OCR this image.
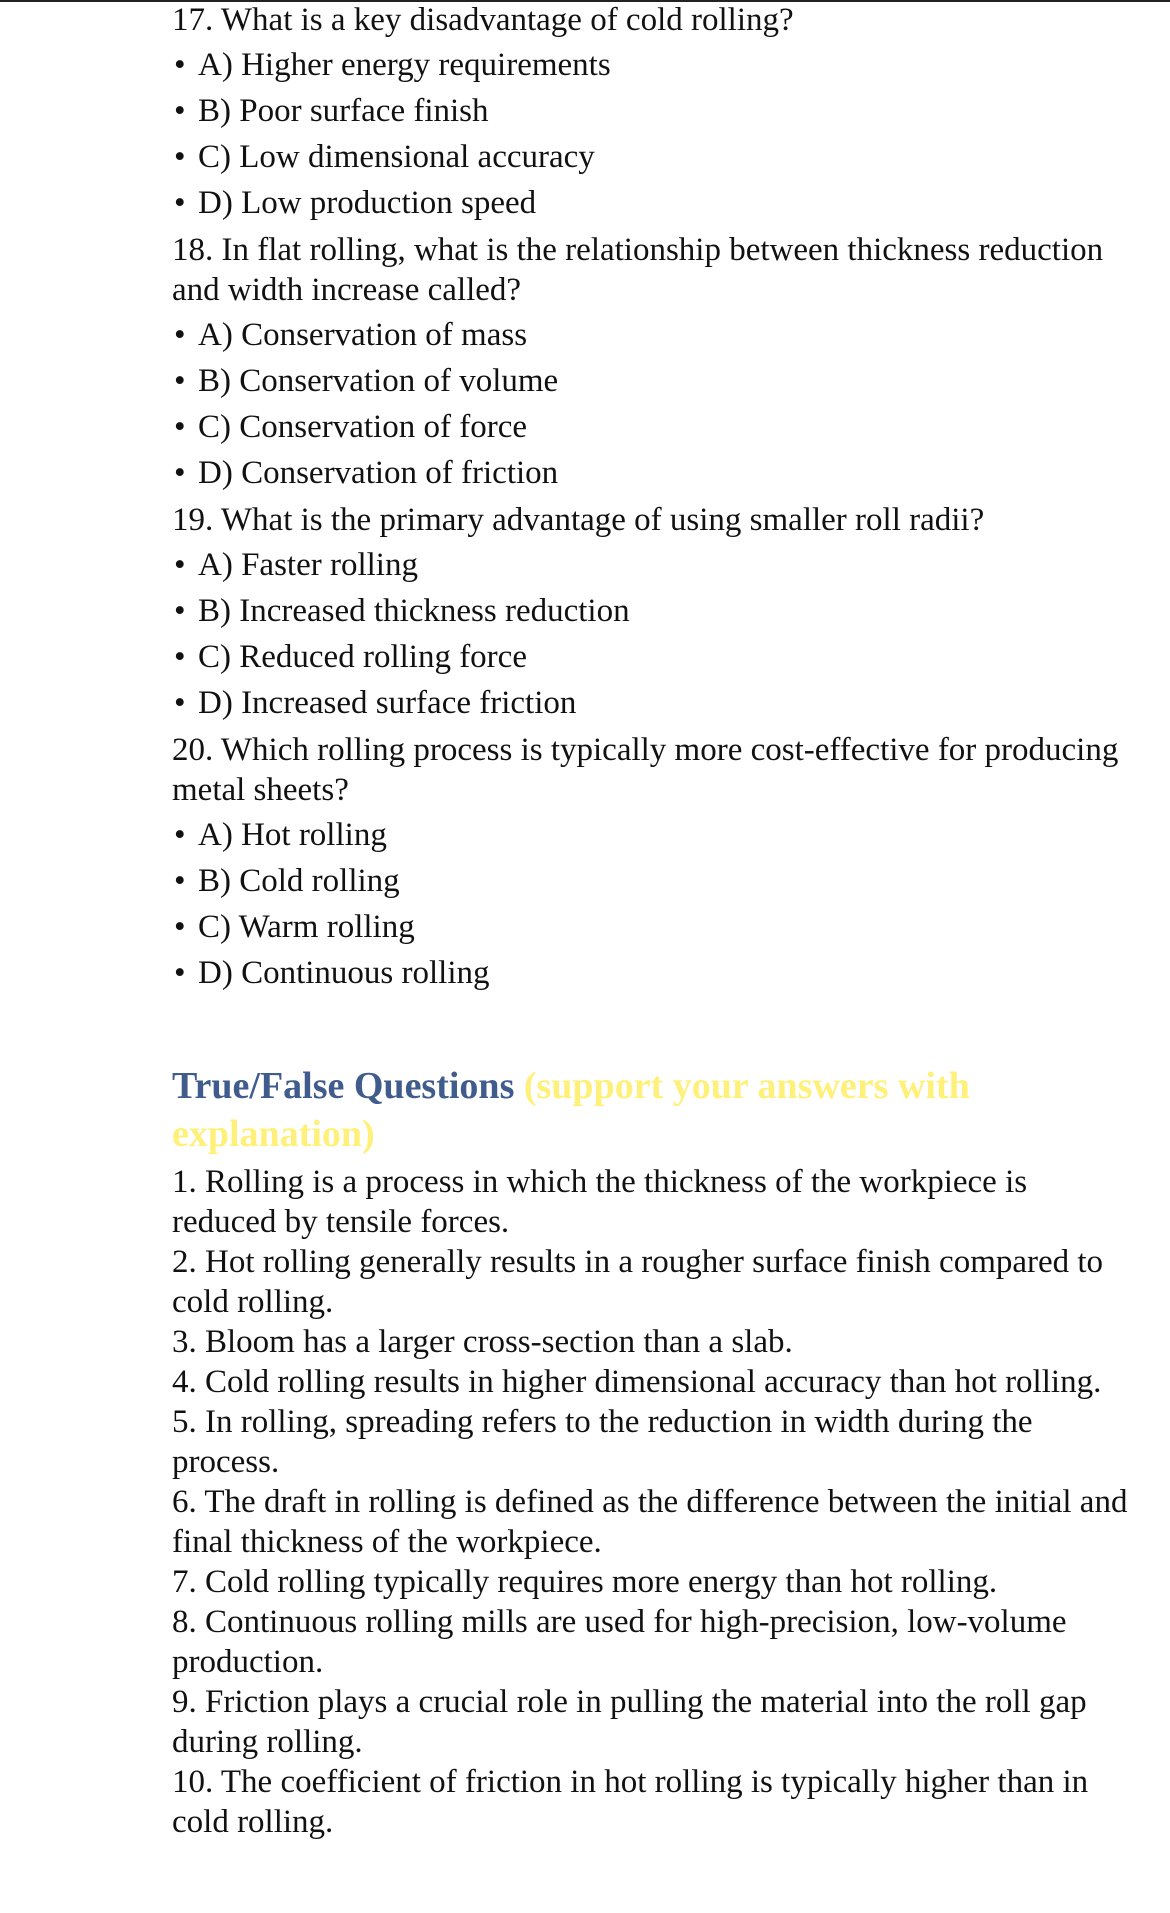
17. What is a key disadvantage of cold rolling?

• A) Higher energy requirements
• B) Poor surface finish
• C) Low dimensional accuracy
• D) Low production speed

18. In flat rolling, what is the relationship between thickness reduction and width increase called?

• A) Conservation of mass
• B) Conservation of volume
• C) Conservation of force
• D) Conservation of friction

19. What is the primary advantage of using smaller roll radii?

• A) Faster rolling
• B) Increased thickness reduction
• C) Reduced rolling force
• D) Increased surface friction

20. Which rolling process is typically more cost-effective for producing metal sheets?

• A) Hot rolling
• B) Cold rolling
• C) Warm rolling
• D) Continuous rolling
True/False Questions (support your answers with explanation)

1. Rolling is a process in which the thickness of the workpiece is reduced by tensile forces.

2. Hot rolling generally results in a rougher surface finish compared to cold rolling.

3. Bloom has a larger cross-section than a slab.

4. Cold rolling results in higher dimensional accuracy than hot rolling.

5. In rolling, spreading refers to the reduction in width during the process.

6. The draft in rolling is defined as the difference between the initial and final thickness of the workpiece.

7. Cold rolling typically requires more energy than hot rolling.

8. Continuous rolling mills are used for high-precision, low-volume production.

9. Friction plays a crucial role in pulling the material into the roll gap during rolling.

10. The coefficient of friction in hot rolling is typically higher than in cold rolling.
